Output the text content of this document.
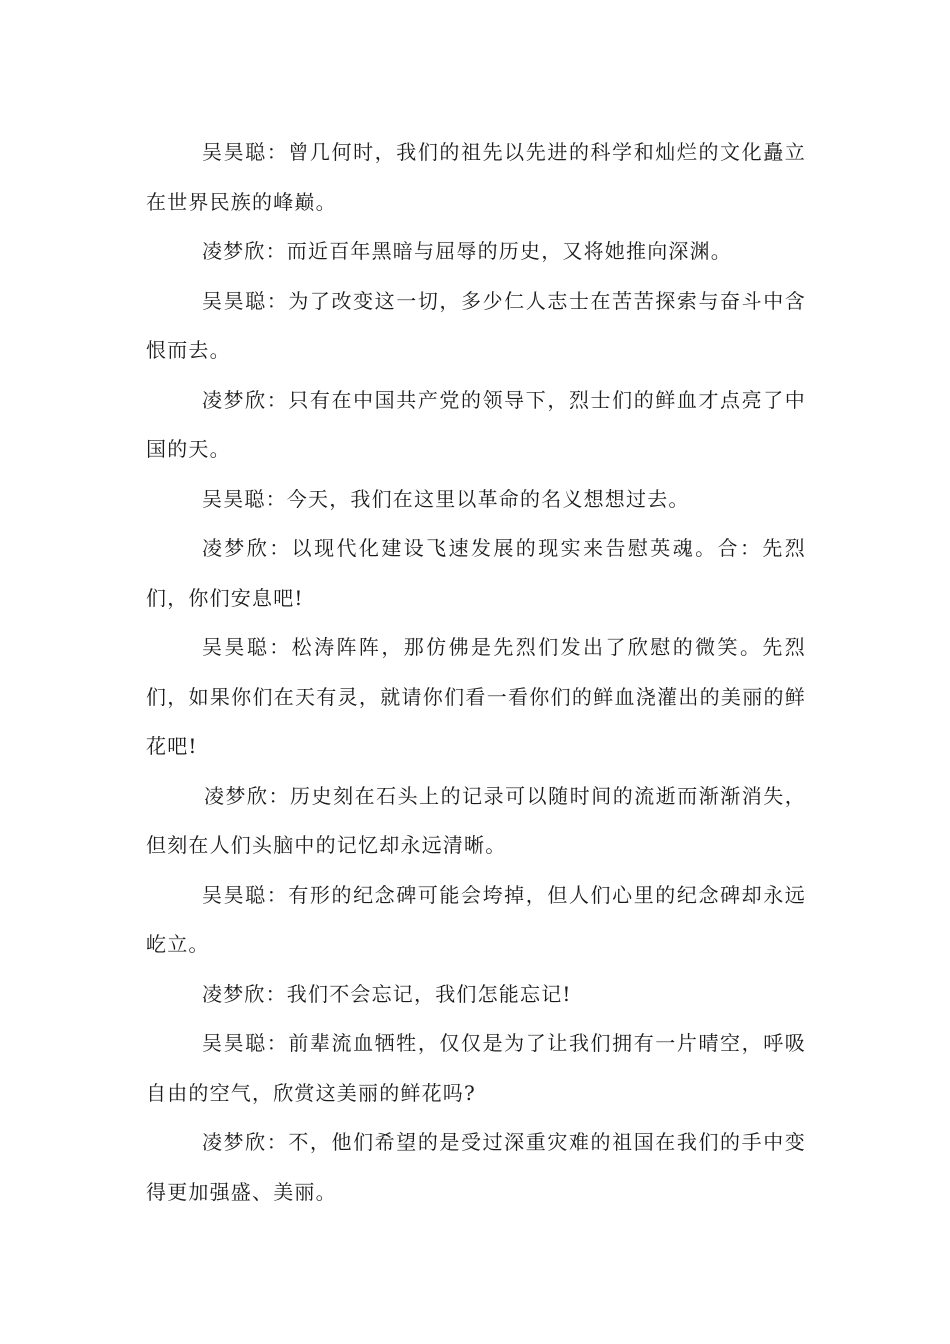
吴昊聪：曾几何时，我们的祖先以先进的科学和灿烂的文化矗立在世界民族的峰巅。

凌梦欣：而近百年黑暗与屈辱的历史，又将她推向深渊。

吴昊聪：为了改变这一切，多少仁人志士在苦苦探索与奋斗中含恨而去。

凌梦欣：只有在中国共产党的领导下，烈士们的鲜血才点亮了中国的天。

吴昊聪：今天，我们在这里以革命的名义想想过去。

凌梦欣：以现代化建设飞速发展的现实来告慰英魂。合：先烈们，你们安息吧!

吴昊聪：松涛阵阵，那仿佛是先烈们发出了欣慰的微笑。先烈们，如果你们在天有灵，就请你们看一看你们的鲜血浇灌出的美丽的鲜花吧!

凌梦欣：历史刻在石头上的记录可以随时间的流逝而渐渐消失，但刻在人们头脑中的记忆却永远清晰。

吴昊聪：有形的纪念碑可能会垮掉，但人们心里的纪念碑却永远屹立。

凌梦欣：我们不会忘记，我们怎能忘记!

吴昊聪：前辈流血牺牲，仅仅是为了让我们拥有一片晴空，呼吸自由的空气，欣赏这美丽的鲜花吗?

凌梦欣：不，他们希望的是受过深重灾难的祖国在我们的手中变得更加强盛、美丽。
